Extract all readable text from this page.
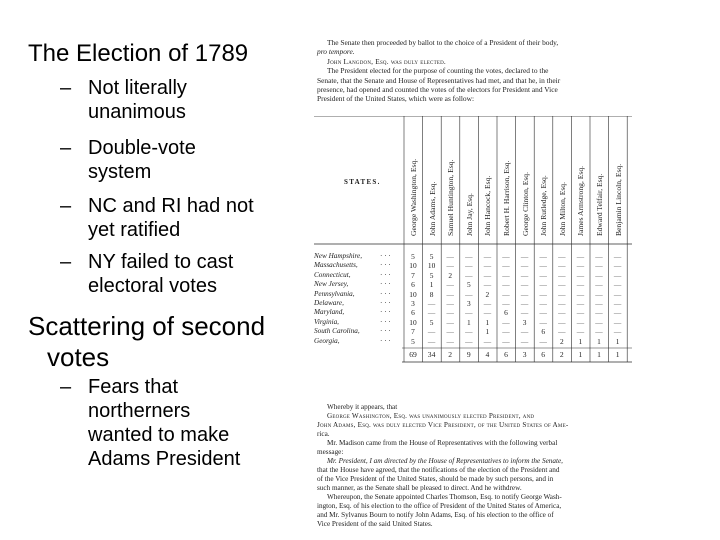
The Election of 1789
– Not literally
unanimous
– Double-vote
system
– NC and RI had not
yet ratified
– NY failed to cast
electoral votes
Scattering of second
votes
– Fears that
northerners
wanted to make
Adams President
The Senate then proceeded by ballot to the choice of a President of their body,
pro tempore.
John Langdon, Esq. was duly elected.
The President elected for the purpose of counting the votes, declared to the
Senate, that the Senate and House of Representatives had met, and that he, in their
presence, had opened and counted the votes of the electors for President and Vice
President of the United States, which were as follow:
STATES.	George Washington, Esq. John Adams, Esq. Samuel Huntington, Esq. John Jay, Esq. John Hancock, Esq. Robert H. Harrison, Esq. George Clinton, Esq. John Rutledge, Esq. John Milton, Esq. James Armstrong, Esq. Edward Telfair, Esq. Benjamin Lincoln, Esq.
New Hampshire, · · ·	5	5	—	—	—	—	—	—	—	—	—	—
Massachusetts,	· · ·	10	10	—	—	—	—	—	—	—	—	—	—
Connecticut,	· · ·	7	5	2	—	—	—	—	—	—	—	—	—
New Jersey,	· · ·	6	1	—	5	—	—	—	—	—	—	—	—
Pennsylvania,	· · ·	10	8	—	—	2	—	—	—	—	—	—	—
Delaware,	· · ·	3	—	—	3	—	—	—	—	—	—	—	—
Maryland,	· · ·	6	—	—	—	—	6	—	—	—	—	—	—
Virginia,	· · ·	10	5	—	1	1	—	3	—	—	—	—	—
South Carolina,	· · ·	7	—	—	—	1	—	—	6	—	—	—	—
Georgia,	· · ·	5	—	—	—	—	—	—	—	2	1	1	1
69	34	2	9	4	6	3	6	2	1	1	1

Whereby it appears, that

George Washington, Esq. was unanimously elected President, and

John Adams, Esq. was duly elected Vice President, of the United States of Ame-

rica.

Mr. Madison came from the House of Representatives with the following verbal

message:

Mr. President, I am directed by the House of Representatives to inform the Senate,

that the House have agreed, that the notifications of the election of the President and

of the Vice President of the United States, should be made by such persons, and in

such manner, as the Senate shall be pleased to direct. And he withdrew.

Whereupon, the Senate appointed Charles Thomson, Esq. to notify George Wash-

ington, Esq. of his election to the office of President of the United States of America,

and Mr. Sylvanus Bourn to notify John Adams, Esq. of his election to the office of

Vice President of the said United States.
